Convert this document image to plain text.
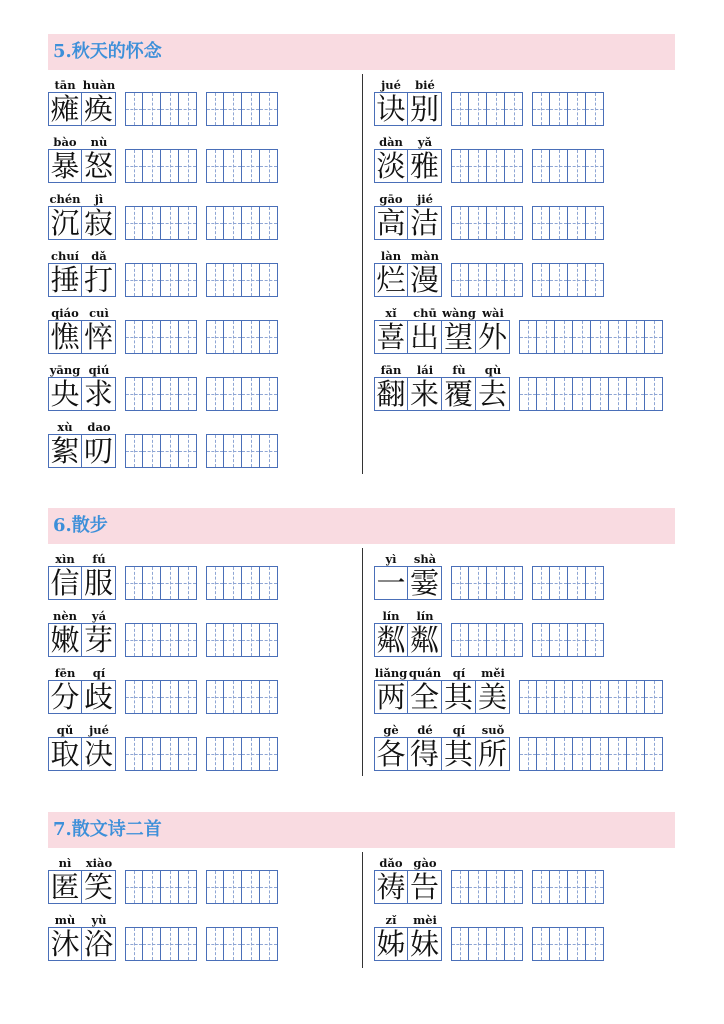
5.秋天的怀念
tān huàn
瘫 痪
bào nù
暴 怒
chén jì
沉 寂
chuí dǎ
捶 打
qiáo cuì
憔 悴
yāng qiú
央 求
xù dao
絮 叨
jué bié
诀 别
dàn yǎ
淡 雅
gāo jié
高 洁
làn màn
烂 漫
xǐ chū wàng wài
喜 出 望 外
fān lái fù qù
翻 来 覆 去
6.散步
xìn fú
信 服
nèn yá
嫩 芽
fēn qí
分 歧
qǔ jué
取 决
yì shà
一 霎
lín lín
粼 粼
liǎng quán qí měi
两 全 其 美
gè dé qí suǒ
各 得 其 所
7.散文诗二首
nì xiào
匿 笑
mù yù
沐 浴
dǎo gào
祷 告
zǐ mèi
姊 妹
